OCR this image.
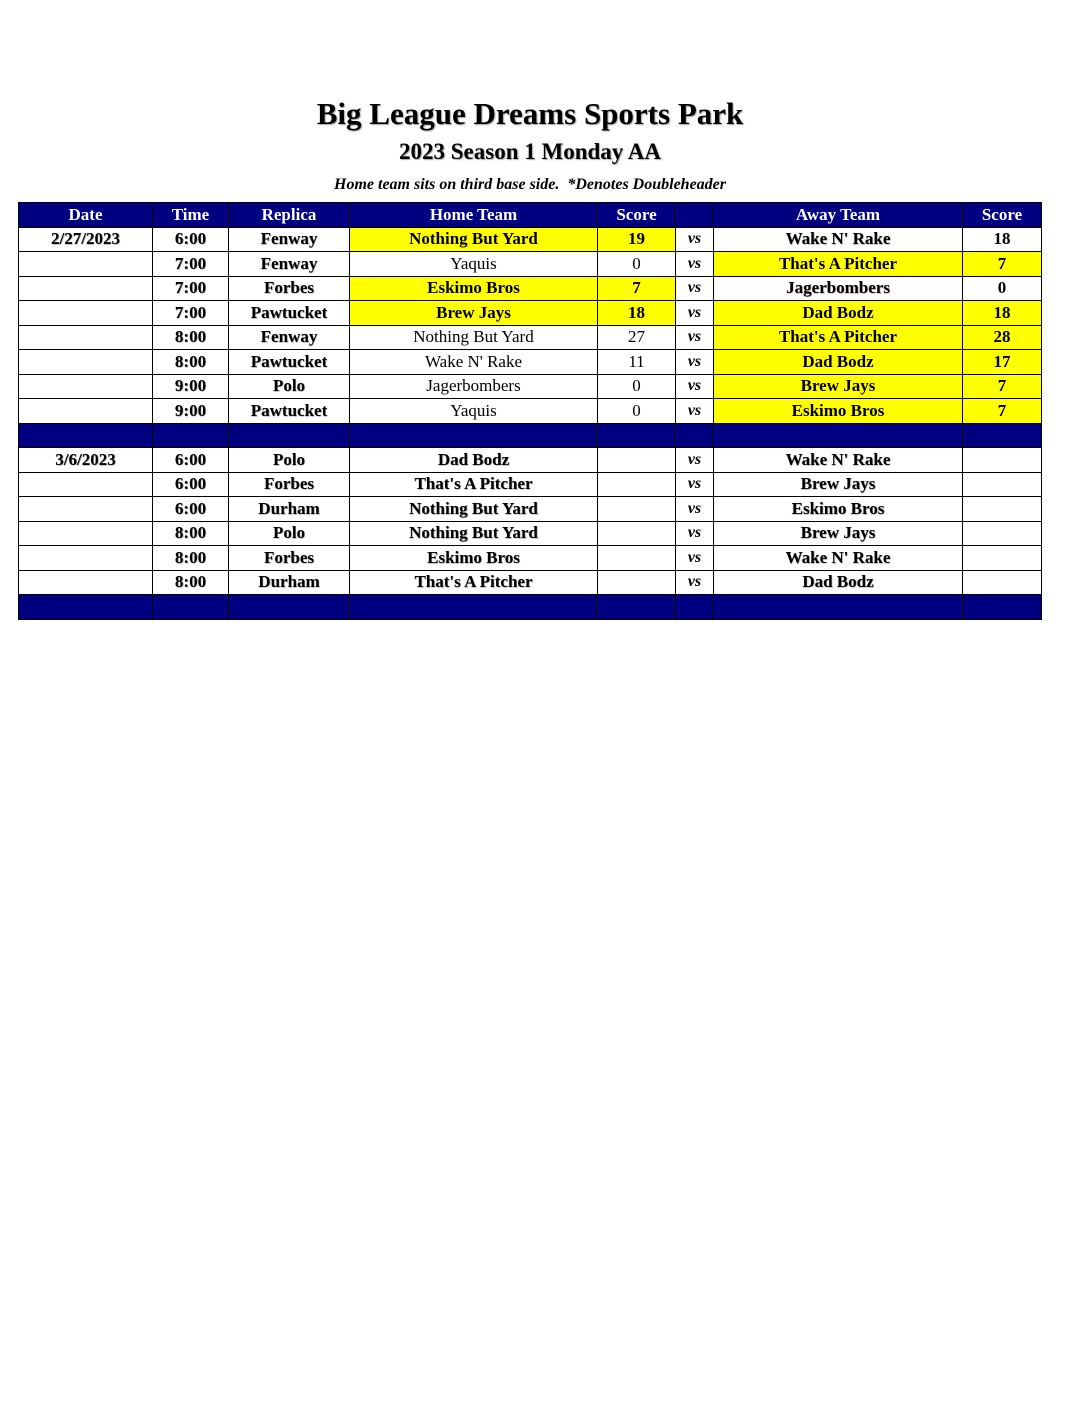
Big League Dreams Sports Park
2023 Season 1 Monday AA
Home team sits on third base side.  *Denotes Doubleheader
Date	Time	Replica	Home Team	Score		Away Team	Score
2/27/2023	6:00	Fenway	Nothing But Yard	19	vs	Wake N' Rake	18
	7:00	Fenway	Yaquis	0	vs	That's A Pitcher	7
	7:00	Forbes	Eskimo Bros	7	vs	Jagerbombers	0
	7:00	Pawtucket	Brew Jays	18	vs	Dad Bodz	18
	8:00	Fenway	Nothing But Yard	27	vs	That's A Pitcher	28
	8:00	Pawtucket	Wake N' Rake	11	vs	Dad Bodz	17
	9:00	Polo	Jagerbombers	0	vs	Brew Jays	7
	9:00	Pawtucket	Yaquis	0	vs	Eskimo Bros	7

3/6/2023	6:00	Polo	Dad Bodz		vs	Wake N' Rake	
	6:00	Forbes	That's A Pitcher		vs	Brew Jays	
	6:00	Durham	Nothing But Yard		vs	Eskimo Bros	
	8:00	Polo	Nothing But Yard		vs	Brew Jays	
	8:00	Forbes	Eskimo Bros		vs	Wake N' Rake	
	8:00	Durham	That's A Pitcher		vs	Dad Bodz	
